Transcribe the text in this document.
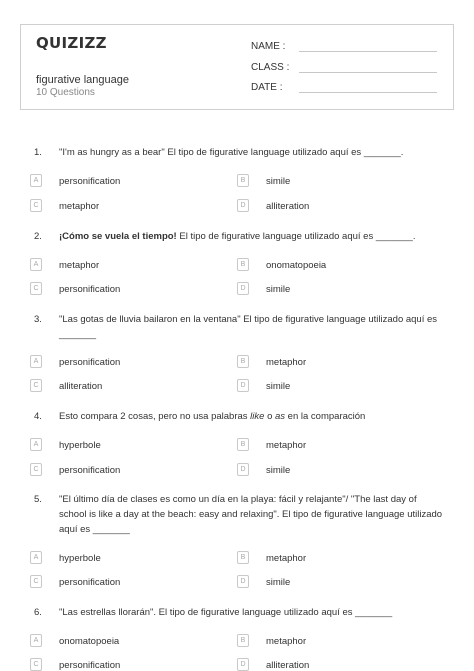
QUIZIZZ
figurative language
10 Questions
NAME :
CLASS :
DATE :
1. "I'm as hungry as a bear" El tipo de figurative language utilizado aquí es _______.
A	personification	B	simile
C	metaphor	D	alliteration
2. ¡Cómo se vuela el tiempo! El tipo de figurative language utilizado aquí es _______.
A	metaphor	B	onomatopoeia
C	personification	D	simile
3. "Las gotas de lluvia bailaron en la ventana" El tipo de figurative language utilizado aquí es _______
A	personification	B	metaphor
C	alliteration	D	simile
4. Esto compara 2 cosas, pero no usa palabras like o as en la comparación
A	hyperbole	B	metaphor
C	personification	D	simile
5. "El último día de clases es como un día en la playa: fácil y relajante"/ "The last day of school is like a day at the beach: easy and relaxing". El tipo de figurative language utilizado aquí es _______
A	hyperbole	B	metaphor
C	personification	D	simile
6. "Las estrellas llorarán". El tipo de figurative language utilizado aquí es _______
A	onomatopoeia	B	metaphor
C	personification	D	alliteration
